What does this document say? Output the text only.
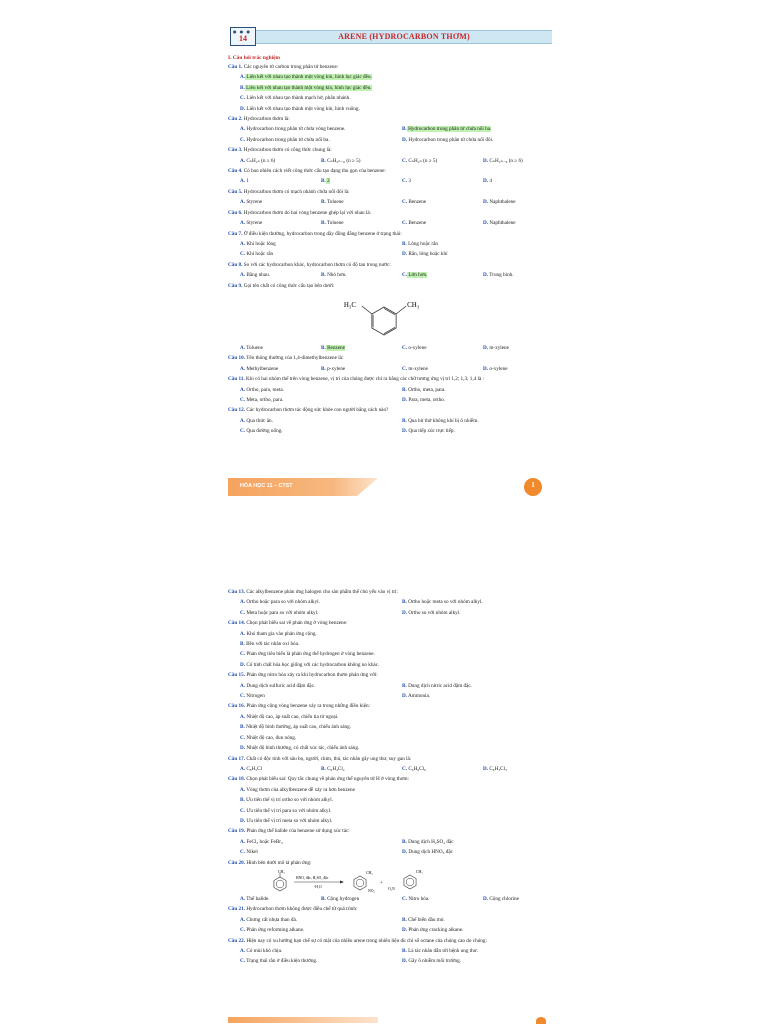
● ● ●
14	ARENE (HYDROCARBON THƠM)
I. Câu hỏi trắc nghiệm
Câu 1. Các nguyên tử carbon trong phân tử benzene:
A. Liên kết với nhau tạo thành một vòng kín, hình lục giác đều.
B. Liên kết với nhau tạo thành một vòng kín, hình lục giác đều.
C. Liên kết với nhau tạo thành mạch hở, phân nhánh.
D. Liên kết với nhau tạo thành một vòng kín, hình vuông.
Câu 2. Hydrocarbon thơm là:
A. Hydrocarbon trong phân tử chứa vòng benzene.	B. Hydrocarbon trong phân tử chứa nối ba.
C. Hydrocarbon trong phân tử chứa nối ba.	D. Hydrocarbon trong phân tử chứa nối đôi.
Câu 3. Hydrocarbon thơm có công thức chung là:
A. CₙH₂ₙ (n ≥ 6)	B. CₙH₂ₙ₋₆ (n ≥ 5)	C. CₙH₂ₙ (n ≥ 5)	D. CₙH₂ₙ₋₆ (n ≥ 6)
Câu 4. Có bao nhiêu cách viết công thức cấu tạo dạng thu gọn của benzene:
A. 1	B. 2	C. 3	D. 4
Câu 5. Hydrocarbon thơm có mạch nhánh chứa nối đôi là:
A. Styrene	B. Toluene	C. Benzene	D. Naphthalene
Câu 6. Hydrocarbon thơm do hai vòng benzene ghép lại với nhau là:
A. Styrene	B. Toluene	C. Benzene	D. Naphthalene
Câu 7. Ở điều kiện thường, hydrocarbon trong dãy đồng đẳng benzene ở trạng thái:
A. Khí hoặc lỏng	B. Lỏng hoặc rắn
C. Khí hoặc rắn	D. Rắn, lỏng hoặc khí
Câu 8. So với các hydrocarbon khác, hydrocarbon thơm có độ tan trong nước:
A. Bằng nhau.	B. Nhỏ hơn.	C. Lớn hơn.	D. Trung bình.
Câu 9. Gọi tên chất có công thức cấu tạo bên dưới:
H₃C	CH₃
A. Toluene	B. Benzene	C. o-xylene	D. m-xylene
Câu 10. Tên thông thường của 1,4-dimethylbenzene là:
A. Methylbenzene	B. p-xylene	C. m-xylene	D. o-xylene
Câu 11. Khi có hai nhóm thế trên vòng benzene, vị trí của chúng được chỉ ra bằng các chữ tương ứng vị trí 1,2; 1,3; 1,4 là :
A. Ortho, para, meta.	B. Ortho, meta, para.
C. Meta, ortho, para.	D. Para, meta, ortho.
Câu 12. Các hydrocarbon thơm tác động sức khỏe con người bằng cách nào?
A. Qua thức ăn.	B. Qua hít thở không khí bị ô nhiễm.
C. Qua đường uống.	D. Qua tiếp xúc trực tiếp.
HÓA HỌC 11 – CTST	1
Câu 13. Các alkylbenzene phản ứng halogen cho sản phẩm thế chủ yếu vào vị trí:
A. Ortho hoặc para so với nhóm alkyl.	B. Ortho hoặc meta so với nhóm alkyl.
C. Meta hoặc para so với nhóm alkyl.	D. Ortho so với nhóm alkyl.
Câu 14. Chọn phát biểu sai về phản ứng ở vòng benzene:
A. Khó tham gia vào phản ứng cộng.
B. Bền với tác nhân oxi hóa.
C. Phản ứng tiêu biểu là phản ứng thế hydrogen ở vòng benzene.
D. Có tính chất hóa học giống với các hydrocarbon không no khác.
Câu 15. Phản ứng nitro hóa xảy ra khi hydrocarbon thơm phản ứng với:
A. Dung dịch sulfuric acid đậm đặc.	B. Dung dịch nitric acid đậm đặc.
C. Nitrogen	D. Ammonia.
Câu 16. Phản ứng cộng vòng benzene xảy ra trong những điều kiện:
A. Nhiệt độ cao, áp suất cao, chiếu tia tử ngoại.
B. Nhiệt độ bình thường, áp suất cao, chiếu ánh sáng.
C. Nhiệt độ cao, đun nóng.
D. Nhiệt độ bình thường, có chất xúc tác, chiếu ánh sáng.
Câu 17. Chất có độc tính với sâu bọ, người, chim, thú, tác nhân gây ung thư, suy gan là:
A. C₆H₅Cl	B. C₆H₄Cl₂	C. C₆H₆Cl₆	D. C₆H₃Cl₃
Câu 18. Chọn phát biểu sai: Quy tắc chung về phản ứng thế nguyên tử H ở vòng thơm:
A. Vòng thơm của alkylbenzene dễ xảy ra hơn benzene
B. Ưu tiên thế vị trí ortho so với nhóm alkyl.
C. Ưu tiên thế vị trí para so với nhóm alkyl.
D. Ưu tiên thế vị trí meta so với nhóm alkyl.
Câu 19. Phản ứng thế halide của benzene sử dụng xúc tác:
A. FeCl₃ hoặc FeBr₃	B. Dung dịch H₂SO₄ đặc
C. Nikel	D. Dung dịch HNO₃ đặc
Câu 20. Hình bên dưới mô tả phản ứng:
CH₃
HNO₃ đặc, H₂SO₄ đặc
-H₂O
CH₃
NO₂
+
CH₃
O₂N
A. Thế halide.	B. Cộng hydrogen	C. Nitro hóa.	D. Cộng chlorine
Câu 21. Hydrocarbon thơm không được điều chế từ quá trình:
A. Chưng cất nhựa than đá.	B. Chế biến dầu mỏ.
C. Phản ứng reforming alkane.	D. Phản ứng cracking alkane.
Câu 22. Hiện nay có xu hướng hạn chế sự có mặt của nhiều arene trong nhiên liệu dù chỉ số octane của chúng cao do chúng:
A. Có mùi khó chịu.	B. Là tác nhân dẫn tới bệnh ung thư.
C. Trạng thái rắn ở điều kiện thường.	D. Gây ô nhiễm môi trường.
